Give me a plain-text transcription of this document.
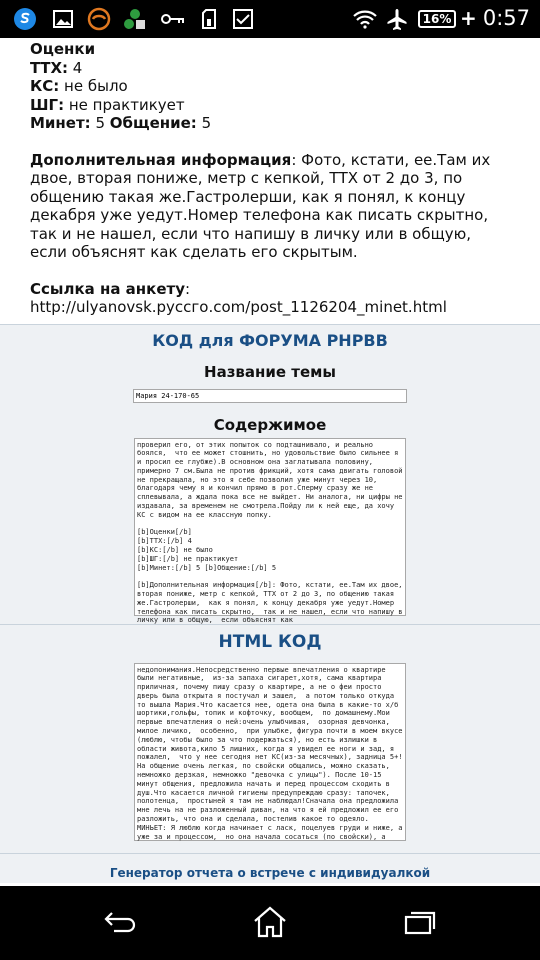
16% + 0:57
Оценки
ТТХ: 4
КС: не было
ШГ: не практикует
Минет: 5 Общение: 5
Дополнительная информация: Фото, кстати, ее.Там их двое, вторая пониже, метр с кепкой, ТТХ от 2 до 3, по общению такая же.Гастролерши, как я понял, к концу декабря уже уедут.Номер телефона как писать скрытно, так и не нашел, если что напишу в личку или в общую, если объяснят как сделать его скрытым.
Ссылка на анкету:
http://ulyanovsk.руссго.com/post_1126204_minet.html
КОД для ФОРУМА PHPBB
Название темы
Мария 24-170-65
Содержимое
проверил его, от этих попыток со подташнивало, и реально боялся,  что ее может стошнить, но удовольствие было сильнее я и просил ее глубже).В основном она заглатывала половину, примерно 7 см.Была не против фрикций, хотя сама двигать головой не прекращала, но это я себе позволил уже минут через 10,  благодаря чему я и кончил прямо в рот.Сперму сразу же не сплевывала, а ждала пока все не выйдет. Ни аналога, ни цифры не издавала, за временем не смотрела.Пойду ли к ней еще, да хочу КС с видом на ее классную попку.

[b]Оценки[/b]
[b]ТТХ:[/b] 4
[b]КС:[/b] не было
[b]ШГ:[/b] не практикует
[b]Минет:[/b] 5 [b]Общение:[/b] 5

[b]Дополнительная информация[/b]: Фото, кстати, ее.Там их двое, вторая пониже, метр с кепкой, ТТХ от 2 до 3, по общению такая же.Гастролерши,  как я понял, к концу декабря уже уедут.Номер телефона как писать скрытно,  так и не нашел, если что напишу в личку или в общую,  если объяснят как
HTML КОД
недопонимания.Непосредственно первые впечатления о квартире были негативные,  из-за запаха сигарет,хотя, сама квартира приличная, почему пишу сразу о квартире, а не о феи просто дверь была открыта я постучал и зашел,  а потом только откуда то вышла Мария.Что касается нее, одета она была в какие-то х/б шортики,гольфы, топик и кофточку, вообщем,  по домашнему.Мои первые впечатления о ней:очень улыбчивая,  озорная девчонка, милое личико,  особенно,  при улыбке, фигура почти в моем вкусе (люблю, чтобы было за что подержаться), но есть излишки в области живота,кило 5 лишних, когда я увидел ее ноги и зад, я пожалел,  что у нее сегодня нет КС(из-за месячных), задница 5+! На общение очень легкая, по свойски общались, можно сказать, немножко дерзкая, немножко "девочка с улицы"). После 10-15 минут общения, предложила начать и перед процессом сходить в душ.Что касается личной гигиены предупреждаю сразу: тапочек, полотенца,  простыней я там не наблюдал!Сначала она предложила мне лечь на не разложенный диван, на что я ей предложил ее его разложить, что она и сделала, постелив какое то одеяло.
МИНЬЕТ: Я люблю когда начинает с ласк, поцелуев груди и ниже, а уже за и процессом,  но она начала сосаться (по свойски), а
Генератор отчета о встрече с индивидуалкой
